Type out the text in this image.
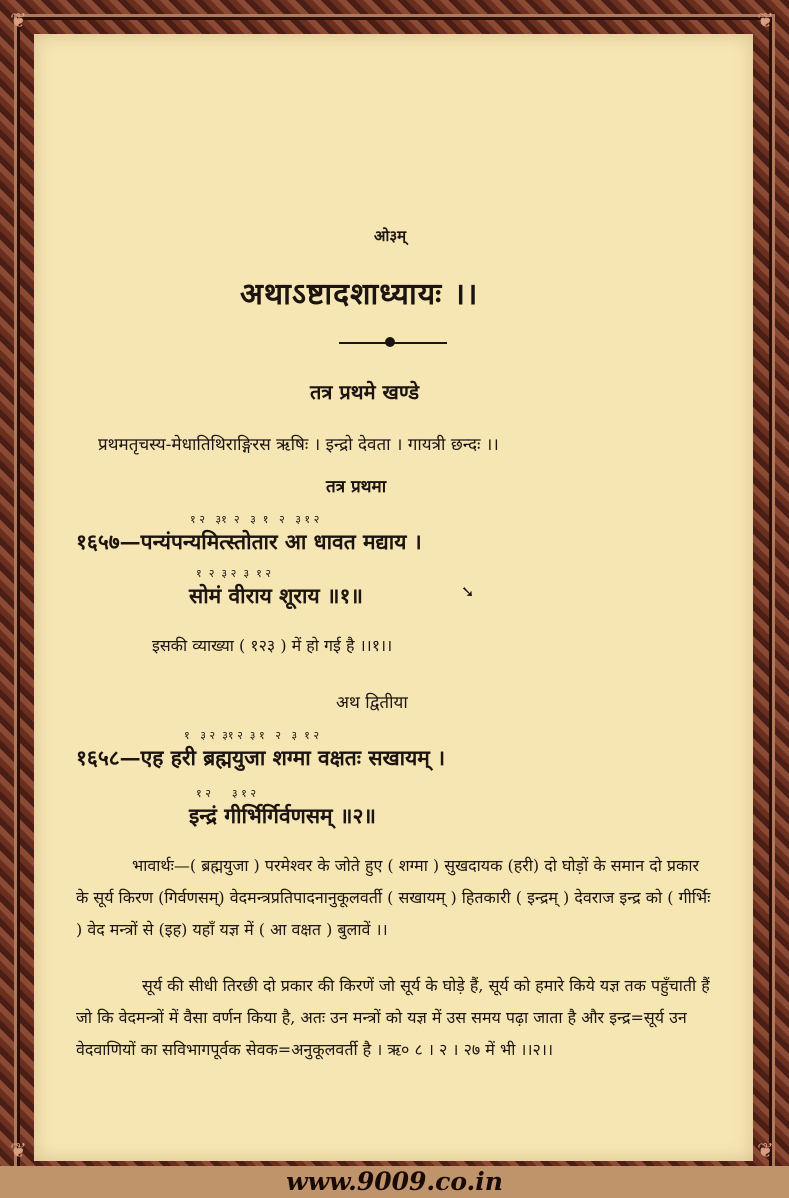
❦	❦
❦	❦
ओ३म्
अथाऽष्टादशाध्यायः ।।
तत्र प्रथमे खण्डे
प्रथमतृचस्य-मेधातिथिराङ्गिरस ऋषिः । इन्द्रो देवता । गायत्री छन्दः ।।
तत्र प्रथमा
१ २   ३१  २   ३  १   २   ३ १ २
१६५७—पन्यंपन्यमित्स्तोतार आ धावत मद्याय ।
१  २  ३ २  ३  १ २
सोमं वीराय शूराय ॥१॥	➘
इसकी व्याख्या ( १२३ ) में हो गई है ।।१।।
अथ द्वितीया
१   ३ २  ३१ २  ३ १   २   ३  १ २
१६५८—एह हरी ब्रह्मयुजा शग्मा वक्षतः सखायम् ।
१ २      ३ १ २
इन्द्रं गीर्भिर्गिर्वणसम् ॥२॥
भावार्थः—( ब्रह्मयुजा ) परमेश्वर के जोते हुए ( शग्मा ) सुखदायक (हरी) दो घोड़ों के समान दो प्रकार के सूर्य किरण (गिर्वणसम्) वेदमन्त्रप्रतिपादनानुकूलवर्ती ( सखायम् ) हितकारी ( इन्द्रम् ) देवराज इन्द्र को ( गीर्भिः ) वेद मन्त्रों से (इह) यहाँ यज्ञ में ( आ वक्षत ) बुलावें ।।
सूर्य की सीधी तिरछी दो प्रकार की किरणें जो सूर्य के घोड़े हैं, सूर्य को हमारे किये यज्ञ तक पहुँचाती हैं जो कि वेदमन्त्रों में वैसा वर्णन किया है, अतः उन मन्त्रों को यज्ञ में उस समय पढ़ा जाता है और इन्द्र=सूर्य उन वेदवाणियों का सविभागपूर्वक सेवक=अनुकूलवर्ती है । ऋ० ८ । २ । २७ में भी ।।२।।
www.9009.co.in
